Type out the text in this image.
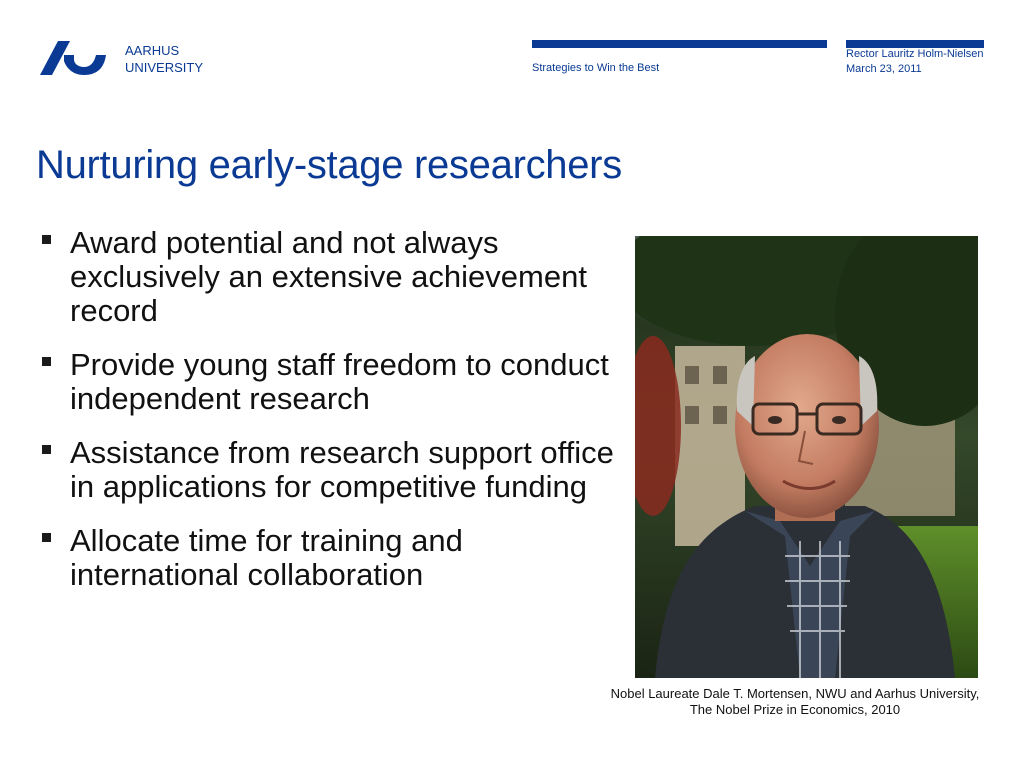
AARHUS
UNIVERSITY	Strategies to Win the Best
Rector Lauritz Holm-Nielsen
March 23, 2011
Nurturing early-stage researchers
Award potential and not always exclusively an extensive achievement record
Provide young staff freedom to conduct independent research
Assistance from research support office in applications for competitive funding
Allocate time for training and international collaboration
Nobel Laureate Dale T. Mortensen, NWU and Aarhus University,
The Nobel Prize in Economics, 2010
